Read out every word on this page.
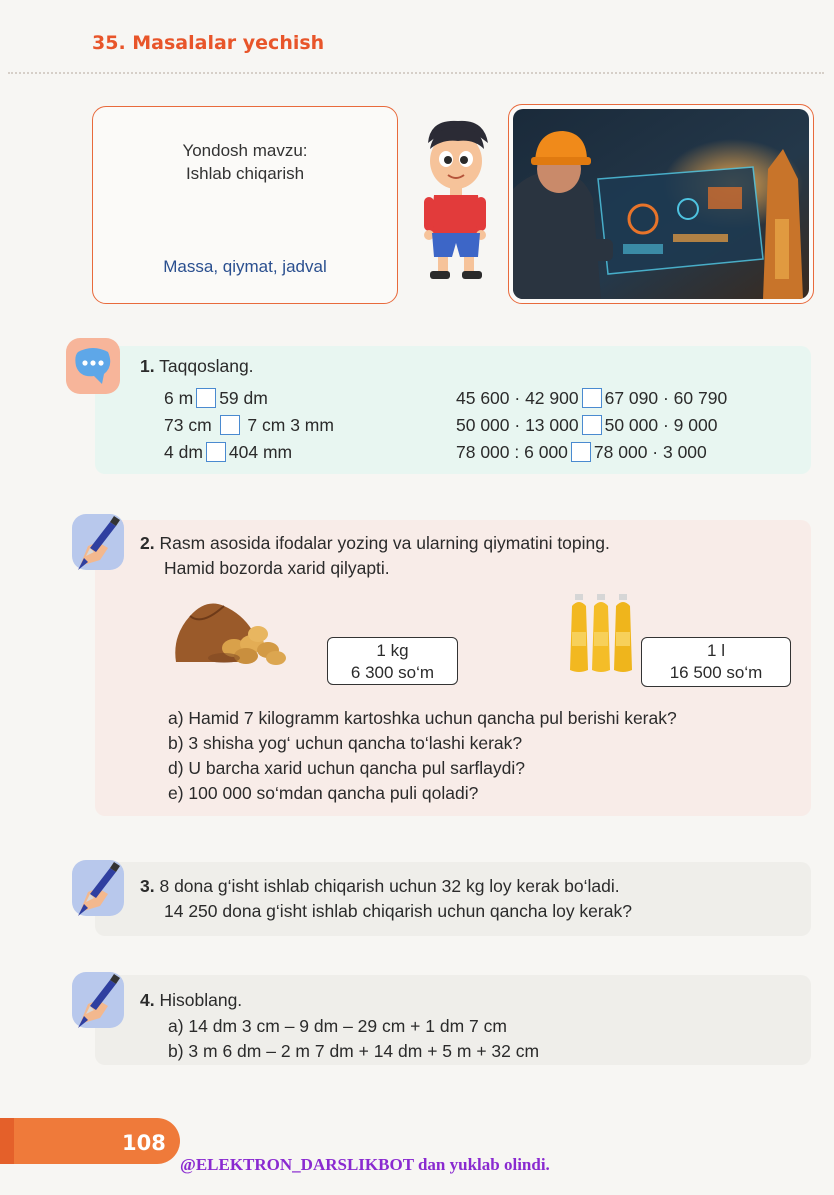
35. Masalalar yechish
Yondosh mavzu:
Ishlab chiqarish
Massa, qiymat, jadval
1. Taqqoslang.
6 m 59 dm
73 cm 7 cm 3 mm
4 dm 404 mm
45 600 · 42 900 67 090 · 60 790
50 000 · 13 000 50 000 · 9 000
78 000 : 6 000 78 000 · 3 000
2. Rasm asosida ifodalar yozing va ularning qiymatini toping.
Hamid bozorda xarid qilyapti.
1 kg
6 300 so‘m
1 l
16 500 so‘m
a) Hamid 7 kilogramm kartoshka uchun qancha pul berishi kerak?
b) 3 shisha yog‘ uchun qancha to‘lashi kerak?
d) U barcha xarid uchun qancha pul sarflaydi?
e) 100 000 so‘mdan qancha puli qoladi?
3. 8 dona g‘isht ishlab chiqarish uchun 32 kg loy kerak bo‘ladi.
14 250 dona g‘isht ishlab chiqarish uchun qancha loy kerak?
4. Hisoblang.
a) 14 dm 3 cm – 9 dm – 29 cm + 1 dm 7 cm
b) 3 m 6 dm – 2 m 7 dm + 14 dm + 5 m + 32 cm
108
@ELEKTRON_DARSLIKBOT dan yuklab olindi.
